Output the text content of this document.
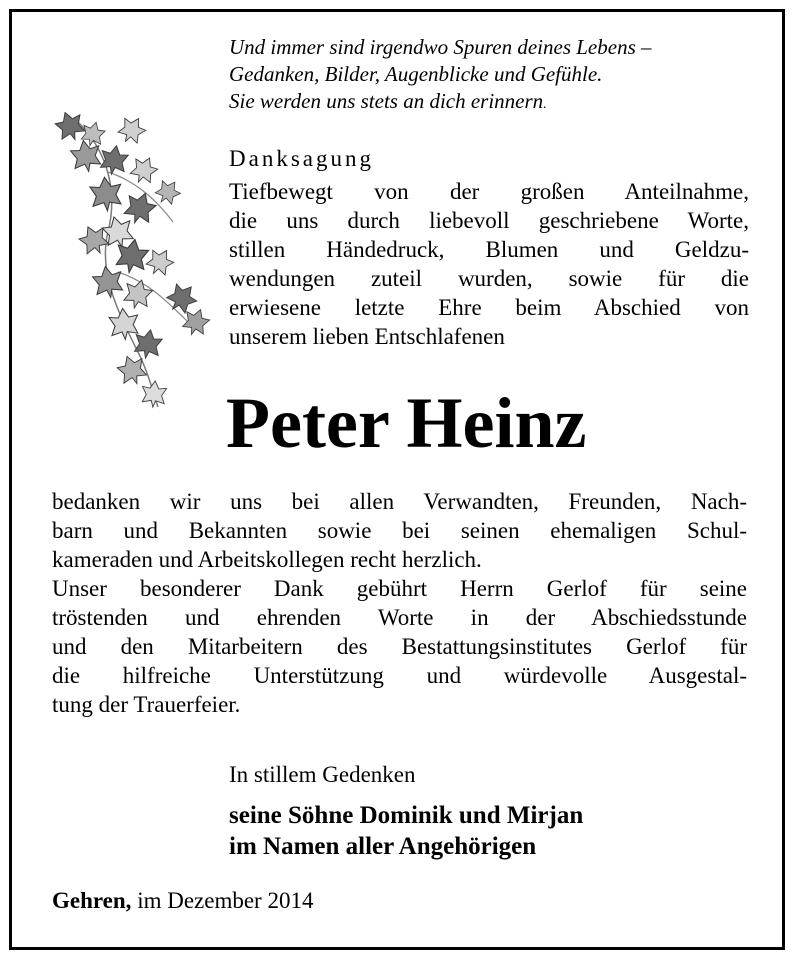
Und immer sind irgendwo Spuren deines Lebens –
Gedanken, Bilder, Augenblicke und Gefühle.
Sie werden uns stets an dich erinnern.
Danksagung
Tiefbewegt von der großen Anteilnahme,
die uns durch liebevoll geschriebene Worte,
stillen Händedruck, Blumen und Geldzu-
wendungen zuteil wurden, sowie für die
erwiesene letzte Ehre beim Abschied von
unserem lieben Entschlafenen
Peter Heinz
bedanken wir uns bei allen Verwandten, Freunden, Nach-
barn und Bekannten sowie bei seinen ehemaligen Schul-
kameraden und Arbeitskollegen recht herzlich.
Unser besonderer Dank gebührt Herrn Gerlof für seine
tröstenden und ehrenden Worte in der Abschiedsstunde
und den Mitarbeitern des Bestattungsinstitutes Gerlof für
die hilfreiche Unterstützung und würdevolle Ausgestal-
tung der Trauerfeier.
In stillem Gedenken
seine Söhne Dominik und Mirjan
im Namen aller Angehörigen
Gehren, im Dezember 2014
